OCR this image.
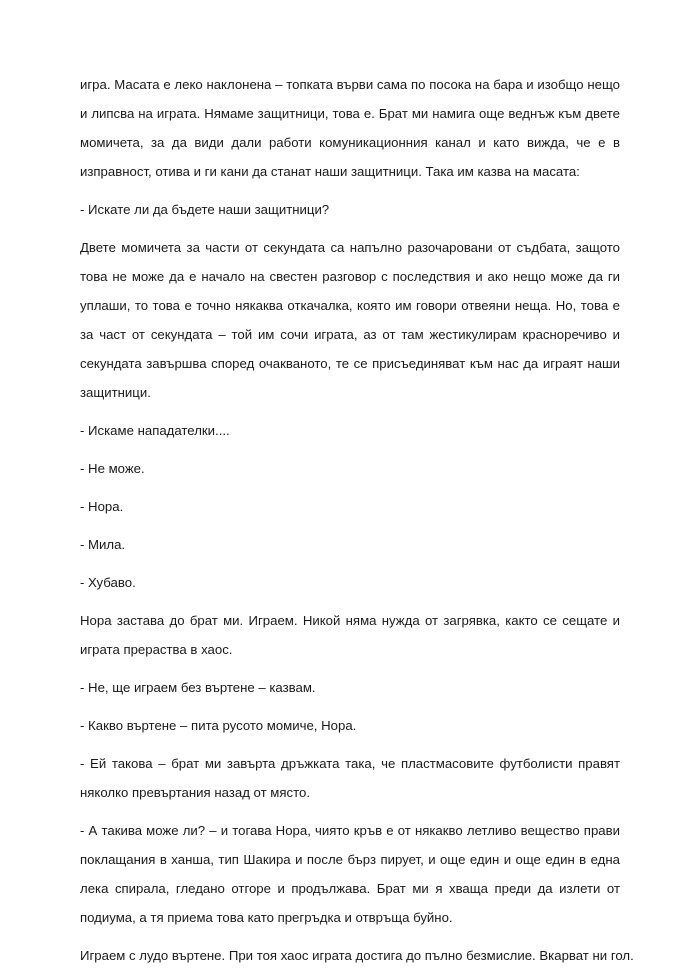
игра. Масата е леко наклонена – топката върви сама по посока на бара и изобщо нещо и липсва на играта. Нямаме защитници, това е. Брат ми намига още веднъж към двете момичета, за да види дали работи комуникационния канал и като вижда, че е в изправност, отива и ги кани да станат наши защитници. Така им казва на масата:

- Искате ли да бъдете наши защитници?

Двете момичета за части от секундата са напълно разочаровани от съдбата, защото това не може да е начало на свестен разговор с последствия и ако нещо може да ги уплаши, то това е точно някаква откачалка, която им говори отвеяни неща. Но, това е за част от секундата – той им сочи играта, аз от там жестикулирам красноречиво и секундата завършва според очакваното, те се присъединяват към нас да играят наши защитници.

- Искаме нападателки....

- Не може.

- Нора.

- Мила.

- Хубаво.

Нора застава до брат ми. Играем. Никой няма нужда от загрявка, както се сещате и играта прераства в хаос.

- Не, ще играем без въртене – казвам.

- Какво въртене – пита русото момиче, Нора.

- Ей такова – брат ми завърта дръжката така, че пластмасовите футболисти правят няколко превъртания назад от място.

- А такива може ли? – и тогава Нора, чиято кръв е от някакво летливо вещество прави поклащания в ханша, тип Шакира и после бърз пирует, и още един и още един в една лека спирала, гледано отгоре и продължава. Брат ми я хваща преди да излети от подиума, а тя приема това като прегръдка и отвръща буйно.

Играем с лудо въртене. При тоя хаос играта достига до пълно безмислие. Вкарват ни гол.
